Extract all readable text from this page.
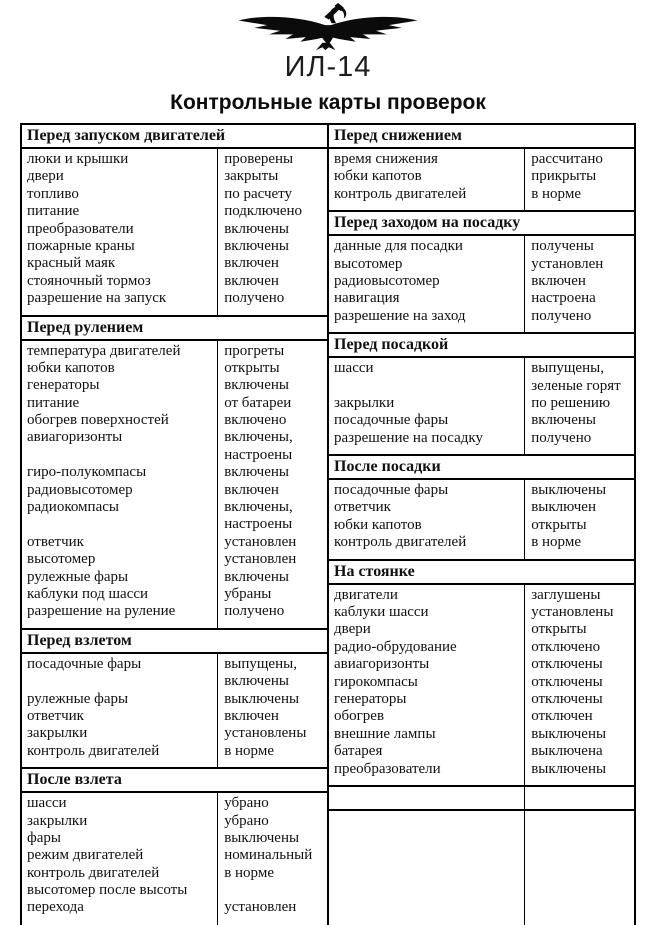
ИЛ-14
Контрольные карты проверок
Перед запуском двигателей
люки и крышки
двери
топливо
питание
преобразователи
пожарные краны
красный маяк
стояночный тормоз
разрешение на запуск
проверены
закрыты
по расчету
подключено
включены
включены
включен
включен
получено
Перед рулением
температура двигателей
юбки капотов
генераторы
питание
обогрев поверхностей
авиагоризонты

гиро-полукомпасы
радиовысотомер
радиокомпасы

ответчик
высотомер
рулежные фары
каблуки под шасси
разрешение на руление
прогреты
открыты
включены
от батареи
включено
включены,
настроены
включены
включен
включены,
настроены
установлен
установлен
включены
убраны
получено
Перед взлетом
посадочные фары

рулежные фары
ответчик
закрылки
контроль двигателей
выпущены,
включены
выключены
включен
установлены
в норме
После взлета
шасси
закрылки
фары
режим двигателей
контроль двигателей
высотомер после высоты
перехода
убрано
убрано
выключены
номинальный
в норме

установлен
Перед снижением
время снижения
юбки капотов
контроль двигателей
рассчитано
прикрыты
в норме
Перед заходом на посадку
данные для посадки
высотомер
радиовысотомер
навигация
разрешение на заход
получены
установлен
включен
настроена
получено
Перед посадкой
шасси

закрылки
посадочные фары
разрешение на посадку
выпущены,
зеленые горят
по решению
включены
получено
После посадки
посадочные фары
ответчик
юбки капотов
контроль двигателей
выключены
выключен
открыты
в норме
На стоянке
двигатели
каблуки шасси
двери
радио-обрудование
авиагоризонты
гирокомпасы
генераторы
обогрев
внешние лампы
батарея
преобразователи
заглушены
установлены
открыты
отключено
отключены
отключены
отключены
отключен
выключены
выключена
выключены
